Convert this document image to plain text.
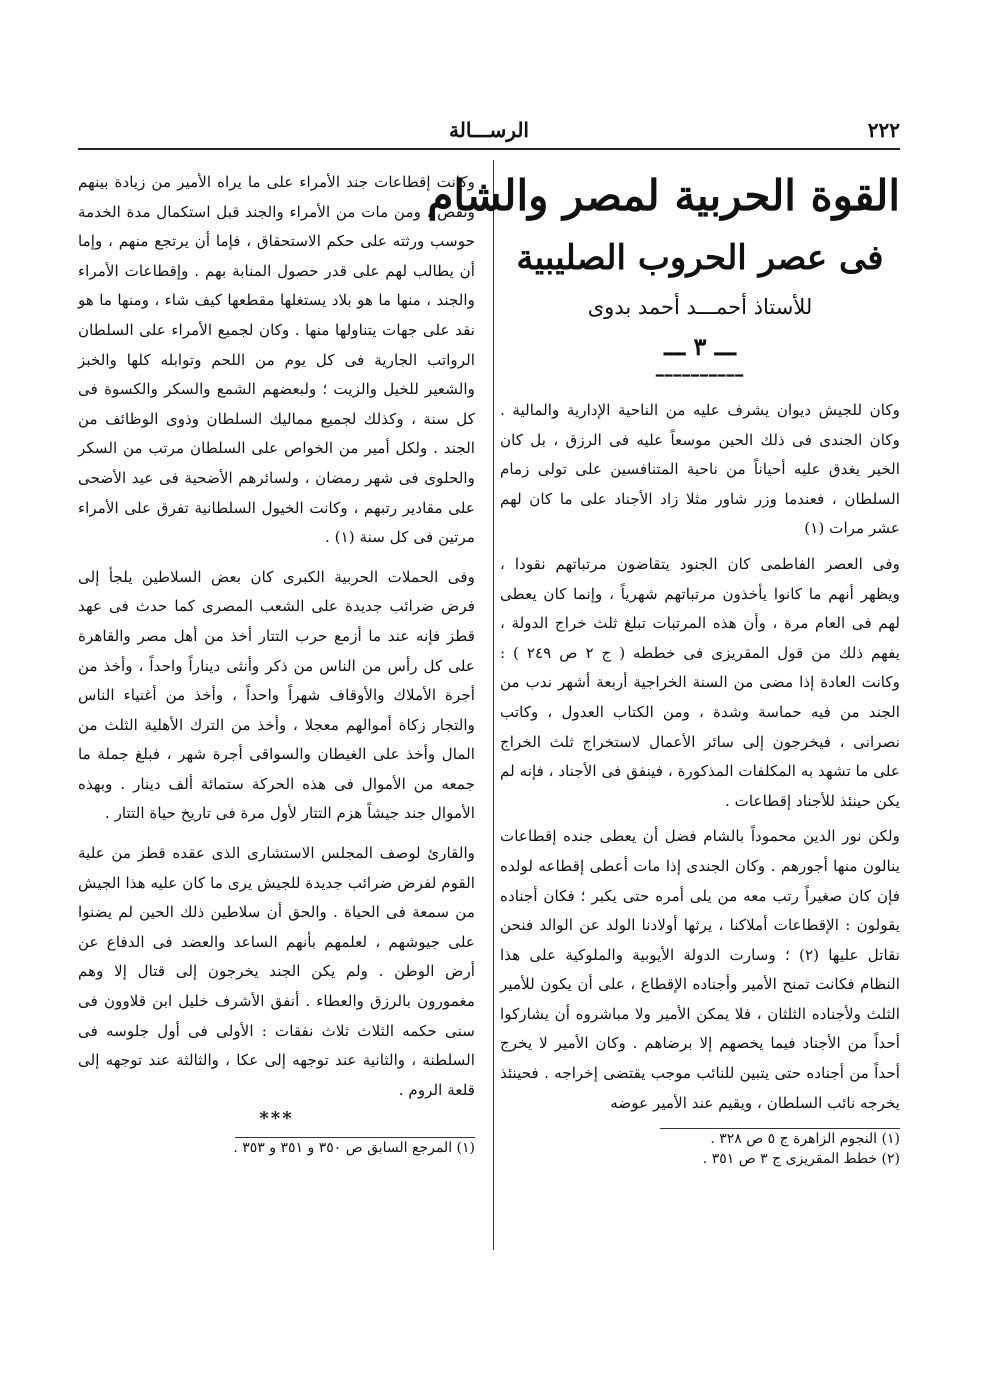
٢٢٢
الرســـالة
القوة الحربية لمصر والشام
فى عصر الحروب الصليبية
للأستاذ أحمـــد أحمد بدوى
ـــ ٣ ـــ
━━━━━━━━━━

وكان للجيش ديوان يشرف عليه من الناحية الإدارية والمالية . وكان الجندى فى ذلك الحين موسعاً عليه فى الرزق ، بل كان الخير يغدق عليه أحياناً من ناحية المتنافسين على تولى زمام السلطان ، فعندما وزر شاور مثلا زاد الأجناد على ما كان لهم عشر مرات (١)

وفى العصر الفاطمى كان الجنود يتقاضون مرتباتهم نقودا ، ويظهر أنهم ما كانوا يأخذون مرتباتهم شهرياً ، وإنما كان يعطى لهم فى العام مرة ، وأن هذه المرتبات تبلغ ثلث خراج الدولة ، يفهم ذلك من قول المقريزى فى خططه ( ج ٢ ص ٢٤٩ ) : وكانت العادة إذا مضى من السنة الخراجية أربعة أشهر ندب من الجند من فيه حماسة وشدة ، ومن الكتاب العدول ، وكاتب نصرانى ، فيخرجون إلى سائر الأعمال لاستخراج ثلث الخراج على ما تشهد به المكلفات المذكورة ، فينفق فى الأجناد ، فإنه لم يكن حينئذ للأجناد إقطاعات .

ولكن نور الدين محموداً بالشام فضل أن يعطى جنده إقطاعات ينالون منها أجورهم . وكان الجندى إذا مات أعطى إقطاعه لولده فإن كان صغيراً رتب معه من يلى أمره حتى يكبر ؛ فكان أجناده يقولون : الإقطاعات أملاكنا ، يرثها أولادنا الولد عن الوالد فنحن نقاتل عليها (٢) ؛ وسارت الدولة الأيوبية والملوكية على هذا النظام فكانت تمنح الأمير وأجناده الإقطاع ، على أن يكون للأمير الثلث ولأجناده الثلثان ، فلا يمكن الأمير ولا مباشروه أن يشاركوا أحداً من الأجناد فيما يخصهم إلا برضاهم . وكان الأمير لا يخرج أحداً من أجناده حتى يتبين للنائب موجب يقتضى إخراجه . فحينئذ يخرجه نائب السلطان ، ويقيم عند الأمير عوضه

(١) النجوم الزاهرة ج ٥ ص ٣٢٨ .

(٢) خطط المقريزى ج ٣ ص ٣٥١ .

وكانت إقطاعات جند الأمراء على ما يراه الأمير من زيادة بينهم ونقص ، ومن مات من الأمراء والجند قبل استكمال مدة الخدمة حوسب ورثته على حكم الاستحقاق ، فإما أن يرتجع منهم ، وإما أن يطالب لهم على قدر حصول المنابة بهم . وإقطاعات الأمراء والجند ، منها ما هو بلاد يستغلها مقطعها كيف شاء ، ومنها ما هو نقد على جهات يتناولها منها . وكان لجميع الأمراء على السلطان الرواتب الجارية فى كل يوم من اللحم وتوابله كلها والخبز والشعير للخيل والزيت ؛ ولبعضهم الشمع والسكر والكسوة فى كل سنة ، وكذلك لجميع مماليك السلطان وذوى الوظائف من الجند . ولكل أمير من الخواص على السلطان مرتب من السكر والحلوى فى شهر رمضان ، ولسائرهم الأضحية فى عيد الأضحى على مقادير رتبهم ، وكانت الخيول السلطانية تفرق على الأمراء مرتين فى كل سنة (١) .

وفى الحملات الحربية الكبرى كان بعض السلاطين يلجأ إلى فرض ضرائب جديدة على الشعب المصرى كما حدث فى عهد قطز فإنه عند ما أزمع حرب التتار أخذ من أهل مصر والقاهرة على كل رأس من الناس من ذكر وأنثى ديناراً واحداً ، وأخذ من أجرة الأملاك والأوقاف شهراً واحداً ، وأخذ من أغنياء الناس والتجار زكاة أموالهم معجلا ، وأخذ من الترك الأهلية الثلث من المال وأخذ على الغيطان والسواقى أجرة شهر ، فبلغ جملة ما جمعه من الأموال فى هذه الحركة ستمائة ألف دينار . وبهذه الأموال جند جيشاً هزم التتار لأول مرة فى تاريخ حياة التتار .

والقارئ لوصف المجلس الاستشارى الذى عقده قطز من علية القوم لفرض ضرائب جديدة للجيش يرى ما كان عليه هذا الجيش من سمعة فى الحياة . والحق أن سلاطين ذلك الحين لم يضنوا على جيوشهم ، لعلمهم بأنهم الساعد والعضد فى الدفاع عن أرض الوطن . ولم يكن الجند يخرجون إلى قتال إلا وهم مغمورون بالرزق والعطاء . أنفق الأشرف خليل ابن قلاوون فى سنى حكمه الثلاث ثلاث نفقات : الأولى فى أول جلوسه فى السلطنة ، والثانية عند توجهه إلى عكا ، والثالثة عند توجهه إلى قلعة الروم .

***

(١) المرجع السابق ص ٣٥٠ و ٣٥١ و ٣٥٣ .
